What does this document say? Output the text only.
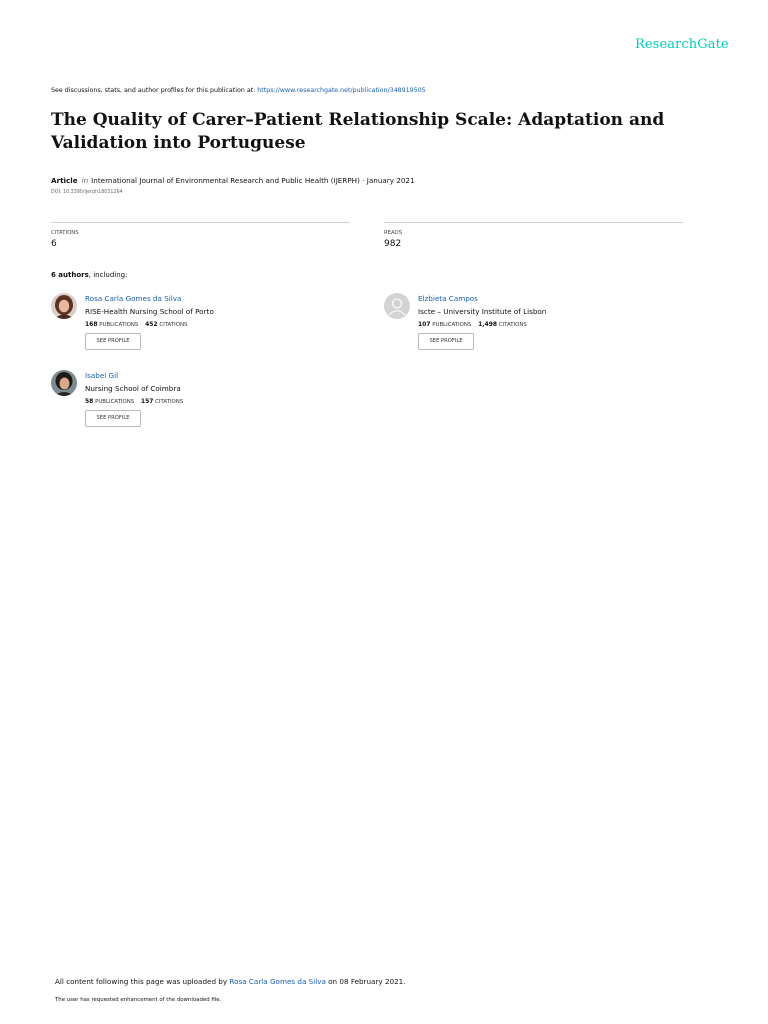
ResearchGate
See discussions, stats, and author profiles for this publication at: https://www.researchgate.net/publication/348919505
The Quality of Carer–Patient Relationship Scale: Adaptation and Validation into Portuguese
Article in International Journal of Environmental Research and Public Health (IJERPH) · January 2021
DOI: 10.3390/ijerph18031264
CITATIONS
6
READS
982
6 authors, including:
Rosa Carla Gomes da Silva
RISE-Health Nursing School of Porto
168 PUBLICATIONS 452 CITATIONS
SEE PROFILE
Elzbieta Campos
Iscte – University Institute of Lisbon
107 PUBLICATIONS 1,498 CITATIONS
SEE PROFILE
Isabel Gil
Nursing School of Coimbra
58 PUBLICATIONS 157 CITATIONS
SEE PROFILE
All content following this page was uploaded by Rosa Carla Gomes da Silva on 08 February 2021.
The user has requested enhancement of the downloaded file.
